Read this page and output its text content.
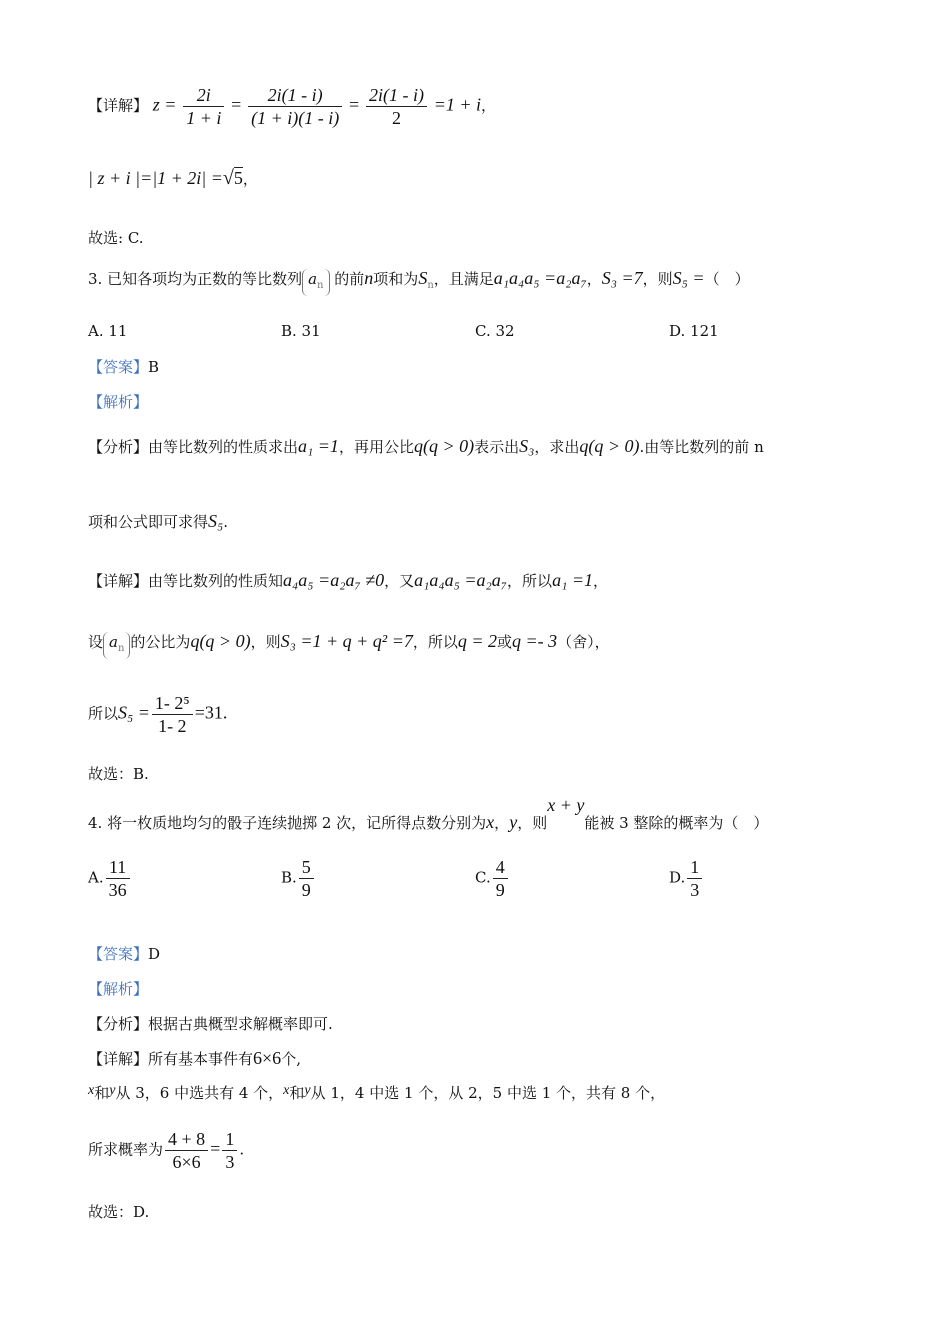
【详解】 $z = \frac{2i}{1 + i} = \frac{2i(1 - i)}{(1 + i)(1 - i)} = \frac{2i(1 - i)}{2} =1 + i$，
| z + i |=|1 + 2i| =√5，
故选: C.
3. 已知各项均为正数的等比数列 $a_n$ 的前n项和为$S_n$，且满足a₁a₄a₅ =a₂a₇，S₃ =7，则S₅ =（　）
A. 11	B. 31	C. 32	D. 121
【答案】B
【解析】
【分析】由等比数列的性质求出a₁ =1，再用公比q(q > 0)表示出S₃，求出q(q > 0).由等比数列的前 n
项和公式即可求得S₅.
【详解】由等比数列的性质知a₄a₅ =a₂a₇ ≠0，又a₁a₄a₅ =a₂a₇，所以a₁ =1，
设 $a_n$ 的公比为q(q > 0)，则S₃ =1 + q + q² =7，所以q = 2或q =- 3（舍），
所以$S_5 = \frac{\text{1- 2⁵}}{1- 2} =31$.
故选：B.
4. 将一枚质地均匀的骰子连续抛掷 2 次，记所得点数分别为x，y，则x + y能被 3 整除的概率为（　）
A. $\frac{11}{36}$	B. $\frac{5}{9}$	C. $\frac{4}{9}$	D. $\frac{1}{3}$
【答案】D
【解析】
【分析】根据古典概型求解概率即可.
【详解】所有基本事件有6×6个,
x和y从 3，6 中选共有 4 个，x和y从 1，4 中选 1 个，从 2，5 中选 1 个，共有 8 个，
所求概率为 $\frac{4 + 8}{6\times 6} = \frac{1}{3}$ .
故选：D.
